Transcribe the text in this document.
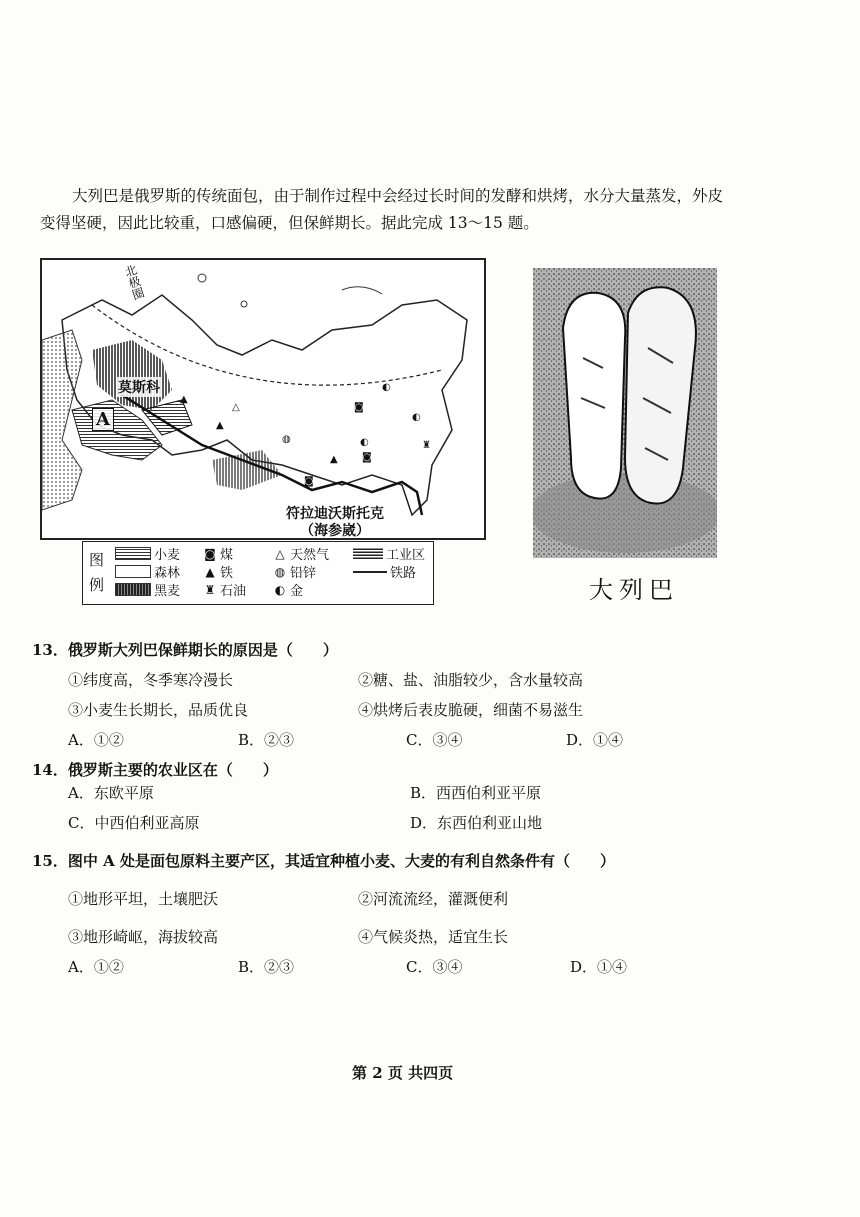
大列巴是俄罗斯的传统面包，由于制作过程中会经过长时间的发酵和烘烤，水分大量蒸发，外皮变得坚硬，因此比较重，口感偏硬，但保鲜期长。据此完成 13～15 题。

▲
△	◙
◐
◐
◍	◐
◙
♜
▲
▲
◙
北极圈
莫斯科
A
符拉迪沃斯托克
（海参崴）
图
例
小麦
森林
黑麦
◙ 煤
▲ 铁
♜ 石油
△ 天然气
◍ 铅锌
◐ 金
工业区
铁路
大列巴
13．俄罗斯大列巴保鲜期长的原因是（　　）
①纬度高，冬季寒冷漫长	②糖、盐、油脂较少，含水量较高
③小麦生长期长，品质优良	④烘烤后表皮脆硬，细菌不易滋生
A．①②	B．②③	C．③④	D．①④
14．俄罗斯主要的农业区在（　　）
A．东欧平原	B．西西伯利亚平原
C．中西伯利亚高原	D．东西伯利亚山地
15．图中 A 处是面包原料主要产区，其适宜种植小麦、大麦的有利自然条件有（　　）
①地形平坦，土壤肥沃	②河流流经，灌溉便利
③地形崎岖，海拔较高	④气候炎热，适宜生长
A．①②	B．②③	C．③④	D．①④
第 2 页 共四页
